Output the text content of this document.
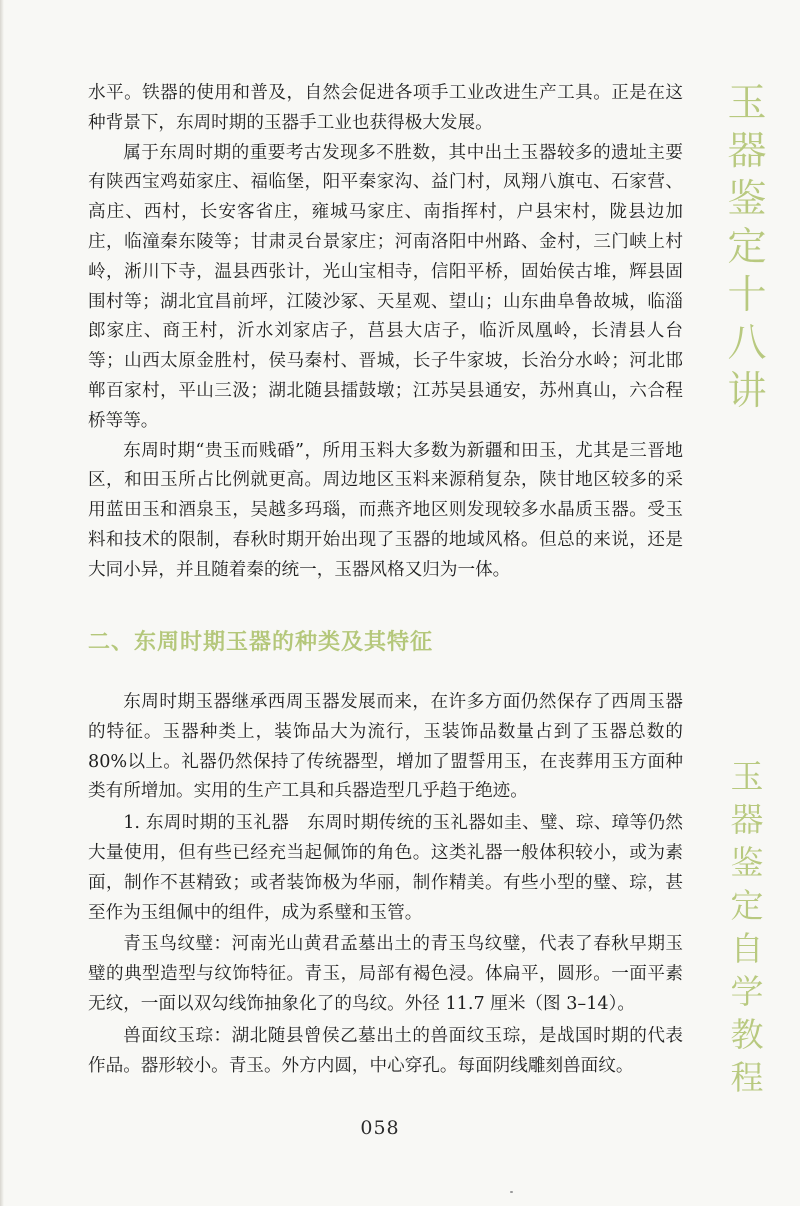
水平。铁器的使用和普及，自然会促进各项手工业改进生产工具。正是在这种背景下，东周时期的玉器手工业也获得极大发展。

属于东周时期的重要考古发现多不胜数，其中出土玉器较多的遗址主要有陕西宝鸡茹家庄、福临堡，阳平秦家沟、益门村，凤翔八旗屯、石家营、高庄、西村，长安客省庄，雍城马家庄、南指挥村，户县宋村，陇县边加庄，临潼秦东陵等；甘肃灵台景家庄；河南洛阳中州路、金村，三门峡上村岭，淅川下寺，温县西张计，光山宝相寺，信阳平桥，固始侯古堆，辉县固围村等；湖北宜昌前坪，江陵沙冢、天星观、望山；山东曲阜鲁故城，临淄郎家庄、商王村，沂水刘家店子，莒县大店子，临沂凤凰岭，长清县人台等；山西太原金胜村，侯马秦村、晋城，长子牛家坡，长治分水岭；河北邯郸百家村，平山三汲；湖北随县擂鼓墩；江苏吴县通安，苏州真山，六合程桥等等。

东周时期“贵玉而贱碈”，所用玉料大多数为新疆和田玉，尤其是三晋地区，和田玉所占比例就更高。周边地区玉料来源稍复杂，陕甘地区较多的采用蓝田玉和酒泉玉，吴越多玛瑙，而燕齐地区则发现较多水晶质玉器。受玉料和技术的限制，春秋时期开始出现了玉器的地域风格。但总的来说，还是大同小异，并且随着秦的统一，玉器风格又归为一体。

二、东周时期玉器的种类及其特征

东周时期玉器继承西周玉器发展而来，在许多方面仍然保存了西周玉器的特征。玉器种类上，装饰品大为流行，玉装饰品数量占到了玉器总数的80%以上。礼器仍然保持了传统器型，增加了盟誓用玉，在丧葬用玉方面种类有所增加。实用的生产工具和兵器造型几乎趋于绝迹。

1. 东周时期的玉礼器　东周时期传统的玉礼器如圭、璧、琮、璋等仍然大量使用，但有些已经充当起佩饰的角色。这类礼器一般体积较小，或为素面，制作不甚精致；或者装饰极为华丽，制作精美。有些小型的璧、琮，甚至作为玉组佩中的组件，成为系璧和玉管。

青玉鸟纹璧：河南光山黄君孟墓出土的青玉鸟纹璧，代表了春秋早期玉璧的典型造型与纹饰特征。青玉，局部有褐色浸。体扁平，圆形。一面平素无纹，一面以双勾线饰抽象化了的鸟纹。外径 11.7 厘米（图 3–14）。

兽面纹玉琮：湖北随县曾侯乙墓出土的兽面纹玉琮，是战国时期的代表作品。器形较小。青玉。外方内圆，中心穿孔。每面阴线雕刻兽面纹。

玉器鉴定十八讲
玉器鉴定自学教程
058
